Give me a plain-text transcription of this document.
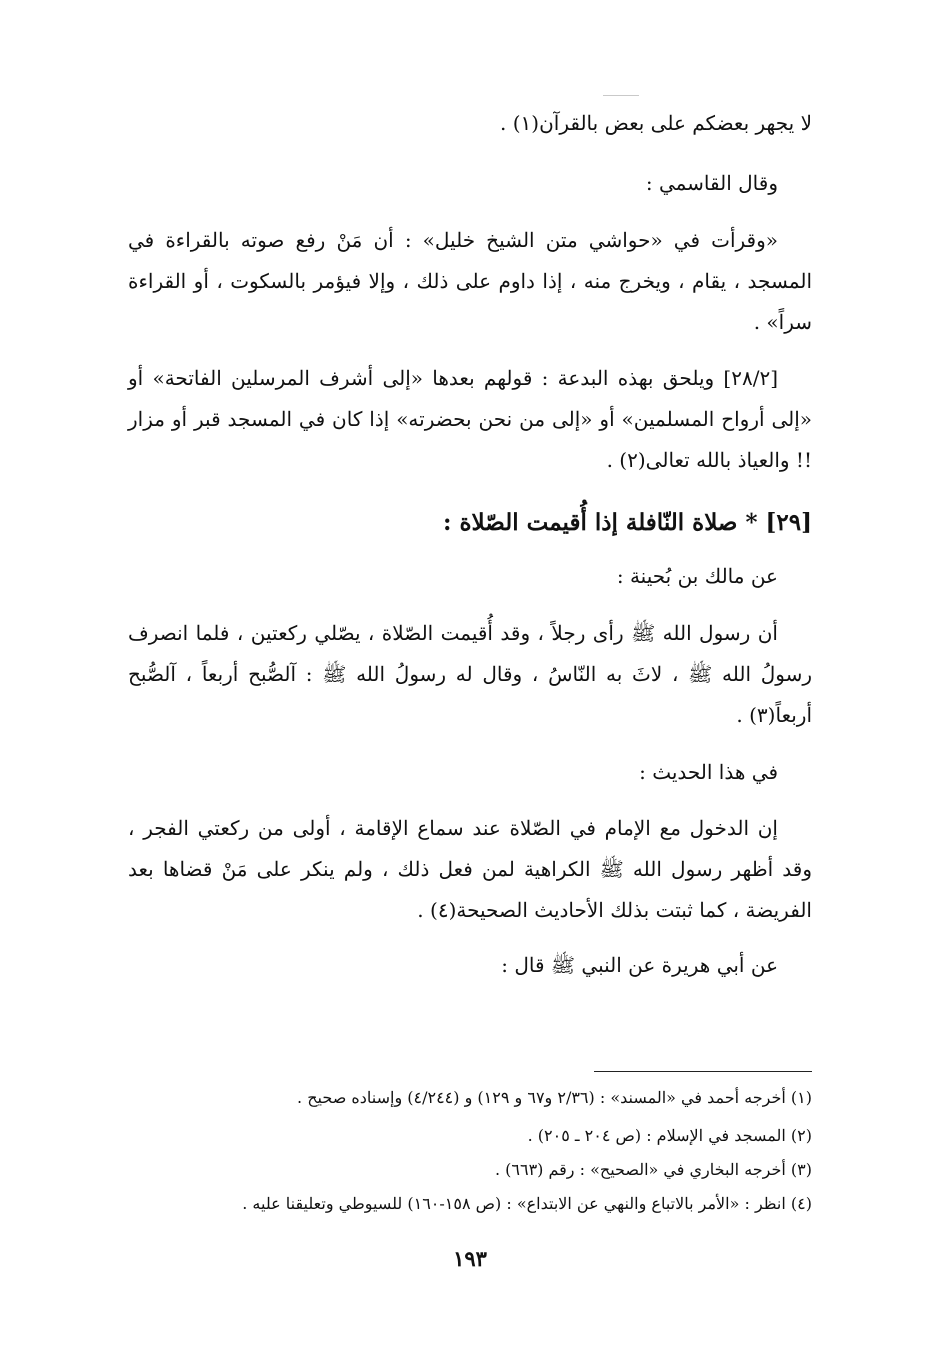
لا يجهر بعضكم على بعض بالقرآن(١) .

وقال القاسمي :

«وقرأت في «حواشي متن الشيخ خليل» : أن مَنْ رفع صوته بالقراءة في المسجد ، يقام ، ويخرج منه ، إذا داوم على ذلك ، وإلا فيؤمر بالسكوت ، أو القراءة سراً» .

[٢٨/٢] ويلحق بهذه البدعة : قولهم بعدها «إلى أشرف المرسلين الفاتحة» أو «إلى أرواح المسلمين» أو «إلى من نحن بحضرته» إذا كان في المسجد قبر أو مزار !! والعياذ بالله تعالى(٢) .

[٢٩] * صلاة النّافلة إذا أُقيمت الصّلاة :

عن مالك بن بُحينة :

أن رسول الله ﷺ رأى رجلاً ، وقد أُقيمت الصّلاة ، يصّلي ركعتين ، فلما انصرف رسولُ الله ﷺ ، لاثَ به النّاسُ ، وقال له رسولُ الله ﷺ : آلصُّبح أربعاً ، آلصُّبح أربعاً(٣) .

في هذا الحديث :

إن الدخول مع الإمام في الصّلاة عند سماع الإقامة ، أولى من ركعتي الفجر ، وقد أظهر رسول الله ﷺ الكراهية لمن فعل ذلك ، ولم ينكر على مَنْ قضاها بعد الفريضة ، كما ثبتت بذلك الأحاديث الصحيحة(٤) .

عن أبي هريرة عن النبي ﷺ قال :

(١) أخرجه أحمد في «المسند» : (٢/٣٦ و٦٧ و ١٢٩) و (٤/٢٤٤) وإسناده صحيح .
(٢) المسجد في الإسلام : (ص ٢٠٤ ـ ٢٠٥) .
(٣) أخرجه البخاري في «الصحيح» : رقم (٦٦٣) .
(٤) انظر : «الأمر بالاتباع والنهي عن الابتداع» : (ص ١٥٨-١٦٠) للسيوطي وتعليقنا عليه .
١٩٣
